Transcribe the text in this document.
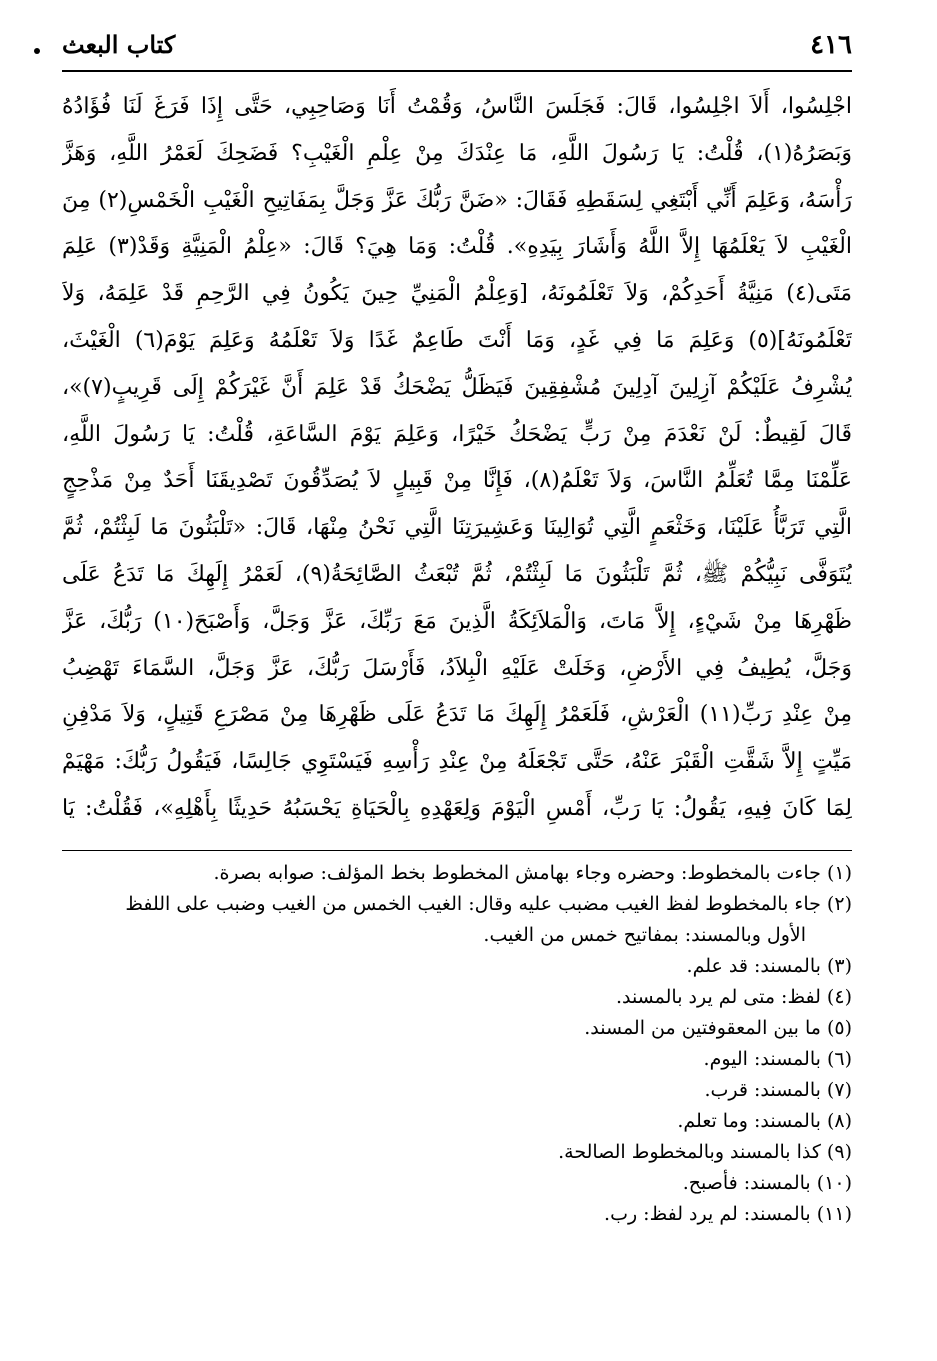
٤١٦
كتاب البعث
اجْلِسُوا، أَلاَ اجْلِسُوا، قَالَ: فَجَلَسَ النَّاسُ، وَقُمْتُ أَنَا وَصَاحِبِي، حَتَّى إِذَا فَرَغَ لَنَا فُؤَادُهُ
وَبَصَرُهُ(١)، قُلْتُ: يَا رَسُولَ اللَّهِ، مَا عِنْدَكَ مِنْ عِلْمِ الْغَيْبِ؟ فَضَحِكَ لَعَمْرُ اللَّهِ، وَهَزَّ
رَأْسَهُ، وَعَلِمَ أَنِّي أَبْتَغِي لِسَقَطِهِ فَقَالَ: «ضَنَّ رَبُّكَ عَزَّ وَجَلَّ بِمَفَاتِيحِ الْغَيْبِ الْخَمْسِ(٢) مِنَ
الْغَيْبِ لاَ يَعْلَمُهَا إِلاَّ اللَّهُ وَأَشَارَ بِيَدِهِ». قُلْتُ: وَمَا هِيَ؟ قَالَ: «عِلْمُ الْمَنِيَّةِ وَقَدْ(٣) عَلِمَ
مَتَى(٤) مَنِيَّةُ أَحَدِكُمْ، وَلاَ تَعْلَمُونَهُ، [وَعِلْمُ الْمَنِيِّ حِينَ يَكُونُ فِي الرَّحِمِ قَدْ عَلِمَهُ، وَلاَ
تَعْلَمُونَهُ](٥) وَعَلِمَ مَا فِي غَدٍ، وَمَا أَنْتَ طَاعِمٌ غَدًا وَلاَ تَعْلَمُهُ وَعَلِمَ يَوْمَ(٦) الْغَيْثَ،
يُشْرِفُ عَلَيْكُمْ آزِلِينَ آدِلِينَ مُشْفِقِينَ فَيَظَلُّ يَضْحَكُ قَدْ عَلِمَ أَنَّ غَيْرَكُمْ إِلَى قَرِيبٍ(٧)»،
قَالَ لَقِيطٌ: لَنْ نَعْدَمَ مِنْ رَبٍّ يَضْحَكُ خَيْرًا، وَعَلِمَ يَوْمَ السَّاعَةِ، قُلْتُ: يَا رَسُولَ اللَّهِ،
عَلِّمْنَا مِمَّا تُعَلِّمُ النَّاسَ، وَلاَ تَعْلَمُ(٨)، فَإِنَّا مِنْ قَبِيلٍ لاَ يُصَدِّقُونَ تَصْدِيقَنَا أَحَدٌ مِنْ مَذْحِجٍ
الَّتِي تَرَبَّأُ عَلَيْنَا، وَخَثْعَمٍ الَّتِي تُوَالِينَا وَعَشِيرَتِنَا الَّتِي نَحْنُ مِنْهَا، قَالَ: «تَلْبَثُونَ مَا لَبِثْتُمْ، ثُمَّ
يُتَوَفَّى نَبِيُّكُمْ ﷺ، ثُمَّ تَلْبَثُونَ مَا لَبِثْتُمْ، ثُمَّ تُبْعَثُ الصَّائِحَةُ(٩)، لَعَمْرُ إِلَهِكَ مَا تَدَعُ عَلَى
ظَهْرِهَا مِنْ شَيْءٍ، إِلاَّ مَاتَ، وَالْمَلاَئِكَةُ الَّذِينَ مَعَ رَبِّكَ، عَزَّ وَجَلَّ، وَأَصْبَحَ(١٠) رَبُّكَ، عَزَّ
وَجَلَّ، يُطِيفُ فِي الأَرْضِ، وَخَلَتْ عَلَيْهِ الْبِلاَدُ، فَأَرْسَلَ رَبُّكَ، عَزَّ وَجَلَّ، السَّمَاءَ تَهْضِبُ
مِنْ عِنْدِ رَبِّ(١١) الْعَرْشِ، فَلَعَمْرُ إِلَهِكَ مَا تَدَعُ عَلَى ظَهْرِهَا مِنْ مَصْرَعِ قَتِيلٍ، وَلاَ مَدْفِنِ
مَيِّتٍ إِلاَّ شَقَّتِ الْقَبْرَ عَنْهُ، حَتَّى تَجْعَلَهُ مِنْ عِنْدِ رَأْسِهِ فَيَسْتَوِي جَالِسًا، فَيَقُولُ رَبُّكَ: مَهْيَمْ
لِمَا كَانَ فِيهِ، يَقُولُ: يَا رَبِّ، أَمْسِ الْيَوْمَ وَلِعَهْدِهِ بِالْحَيَاةِ يَحْسَبُهُ حَدِيثًا بِأَهْلِهِ»، فَقُلْتُ: يَا
(١) جاءت بالمخطوط: وحضره وجاء بهامش المخطوط بخط المؤلف: صوابه بصرة.
(٢) جاء بالمخطوط لفظ الغيب مضبب عليه وقال: الغيب الخمس من الغيب وضبب على اللفظ
الأول وبالمسند: بمفاتيح خمس من الغيب.
(٣) بالمسند: قد علم.
(٤) لفظ: متى لم يرد بالمسند.
(٥) ما بين المعقوفتين من المسند.
(٦) بالمسند: اليوم.
(٧) بالمسند: قرب.
(٨) بالمسند: وما تعلم.
(٩) كذا بالمسند وبالمخطوط الصالحة.
(١٠) بالمسند: فأصبح.
(١١) بالمسند: لم يرد لفظ: رب.
